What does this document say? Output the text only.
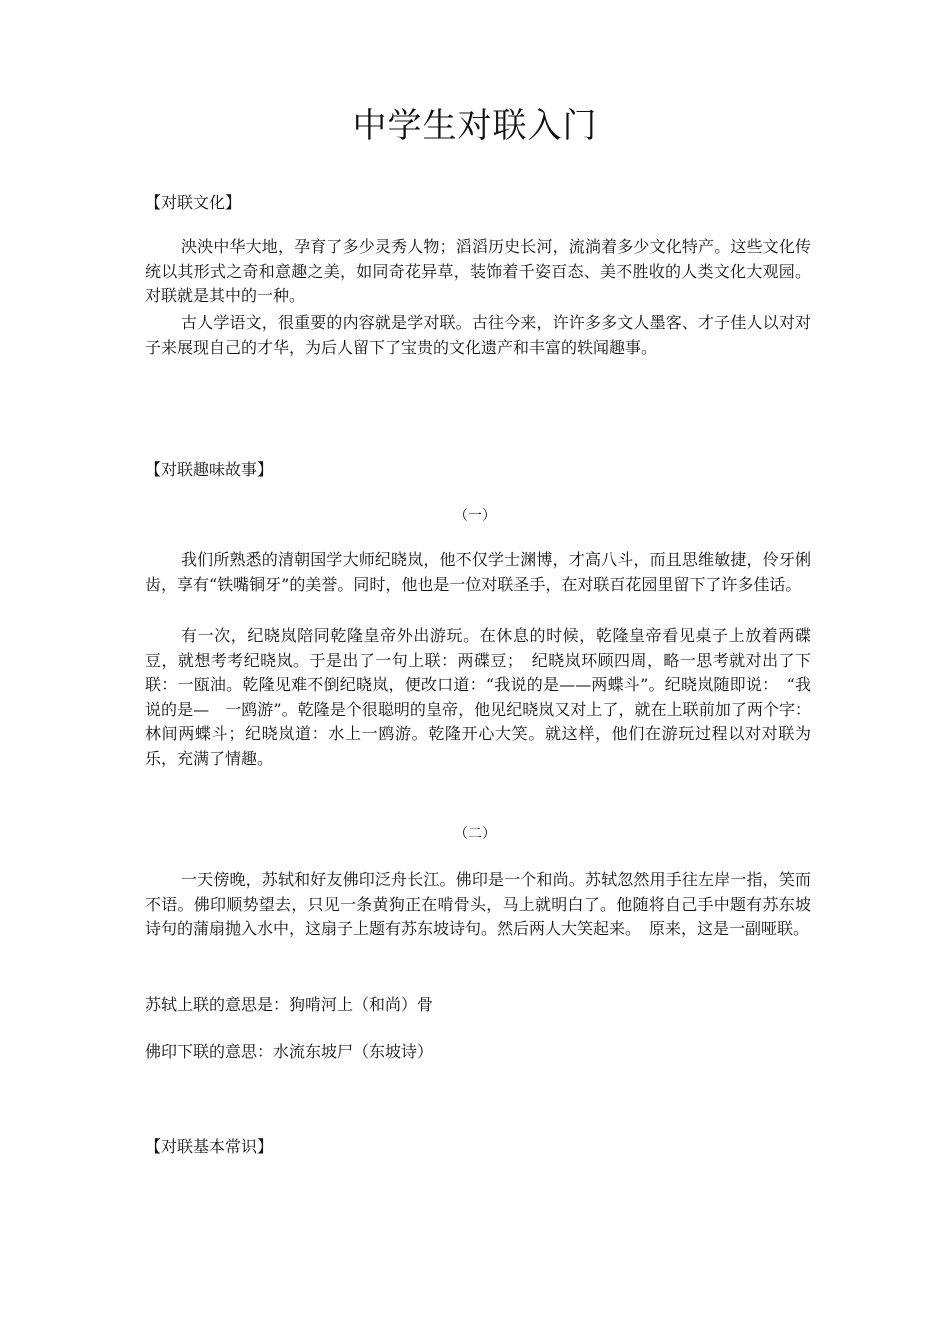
中学生对联入门
【对联文化】

泱泱中华大地，孕育了多少灵秀人物；滔滔历史长河，流淌着多少文化特产。这些文化传统以其形式之奇和意趣之美，如同奇花异草，装饰着千姿百态、美不胜收的人类文化大观园。对联就是其中的一种。

古人学语文，很重要的内容就是学对联。古往今来，许许多多文人墨客、才子佳人以对对子来展现自己的才华，为后人留下了宝贵的文化遗产和丰富的轶闻趣事。

【对联趣味故事】
（一）

我们所熟悉的清朝国学大师纪晓岚，他不仅学士渊博，才高八斗，而且思维敏捷，伶牙俐齿，享有“铁嘴铜牙”的美誉。同时，他也是一位对联圣手，在对联百花园里留下了许多佳话。

有一次，纪晓岚陪同乾隆皇帝外出游玩。在休息的时候，乾隆皇帝看见桌子上放着两碟豆，就想考考纪晓岚。于是出了一句上联：两碟豆；　纪晓岚环顾四周，略一思考就对出了下联：一瓯油。乾隆见难不倒纪晓岚，便改口道：“我说的是——两蝶斗”。纪晓岚随即说：　“我说的是—　一鸥游”。乾隆是个很聪明的皇帝，他见纪晓岚又对上了，就在上联前加了两个字：林间两蝶斗；纪晓岚道：水上一鸥游。乾隆开心大笑。就这样，他们在游玩过程以对对联为乐，充满了情趣。

（二）

一天傍晚，苏轼和好友佛印泛舟长江。佛印是一个和尚。苏轼忽然用手往左岸一指，笑而不语。佛印顺势望去，只见一条黄狗正在啃骨头，马上就明白了。他随将自己手中题有苏东坡诗句的蒲扇抛入水中，这扇子上题有苏东坡诗句。然后两人大笑起来。　原来，这是一副哑联。

苏轼上联的意思是：狗啃河上（和尚）骨
佛印下联的意思：水流东坡尸（东坡诗）
【对联基本常识】
